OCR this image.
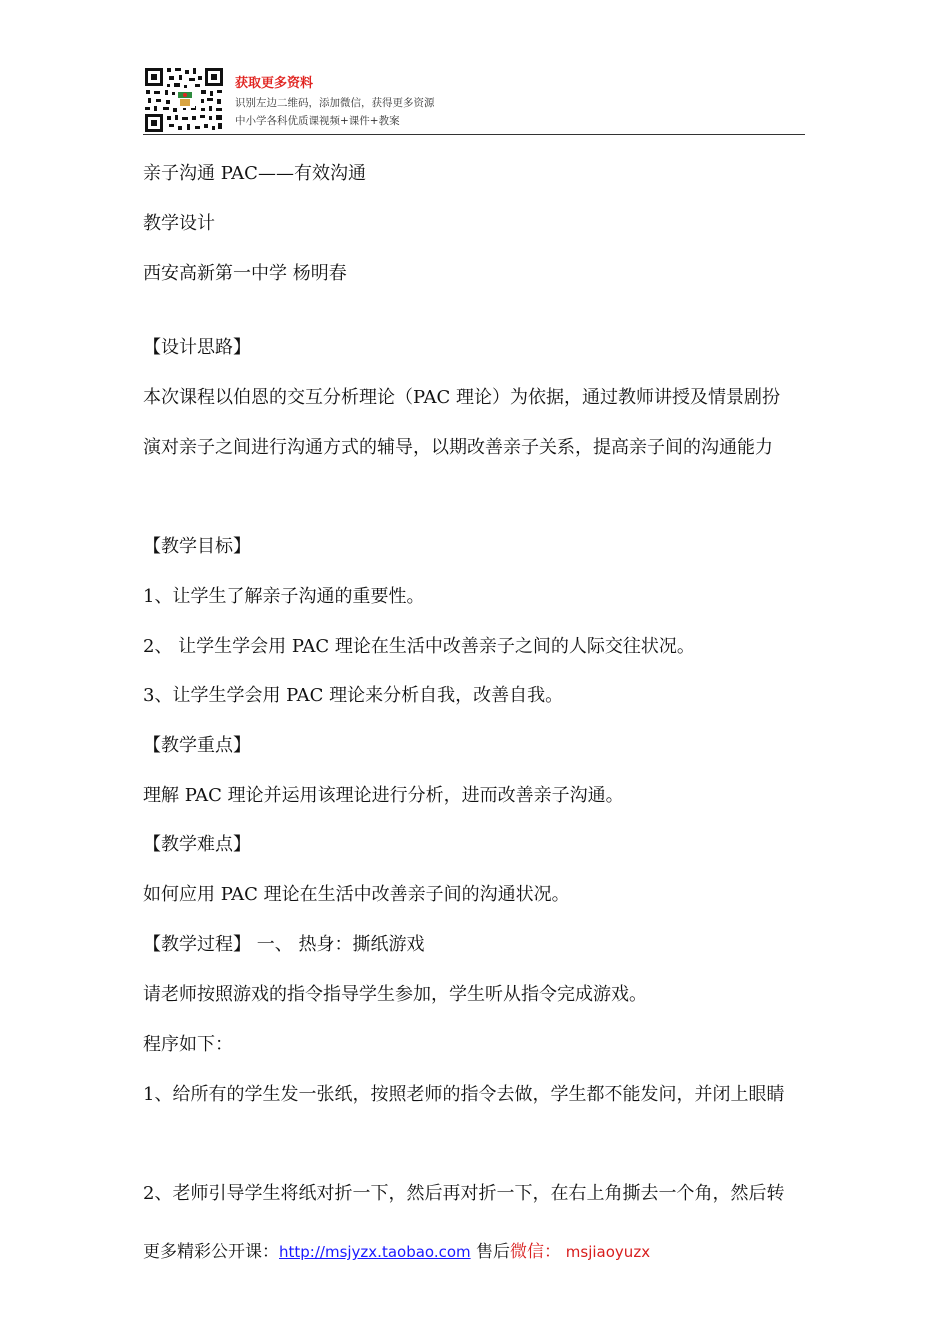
获取更多资料
识别左边二维码，添加微信，获得更多资源
中小学各科优质课视频+课件+教案
亲子沟通 PAC——有效沟通
教学设计
西安高新第一中学 杨明春
【设计思路】
本次课程以伯恩的交互分析理论（PAC 理论）为依据，通过教师讲授及情景剧扮
演对亲子之间进行沟通方式的辅导，以期改善亲子关系，提高亲子间的沟通能力
【教学目标】
1、让学生了解亲子沟通的重要性。
2、 让学生学会用 PAC 理论在生活中改善亲子之间的人际交往状况。
3、让学生学会用 PAC 理论来分析自我，改善自我。
【教学重点】
理解 PAC 理论并运用该理论进行分析，进而改善亲子沟通。
【教学难点】
如何应用 PAC 理论在生活中改善亲子间的沟通状况。
【教学过程】 一、 热身：撕纸游戏
请老师按照游戏的指令指导学生参加，学生听从指令完成游戏。
程序如下：
1、给所有的学生发一张纸，按照老师的指令去做，学生都不能发问，并闭上眼睛
2、老师引导学生将纸对折一下，然后再对折一下，在右上角撕去一个角，然后转
更多精彩公开课：http://msjyzx.taobao.com 售后微信： msjiaoyuzx
